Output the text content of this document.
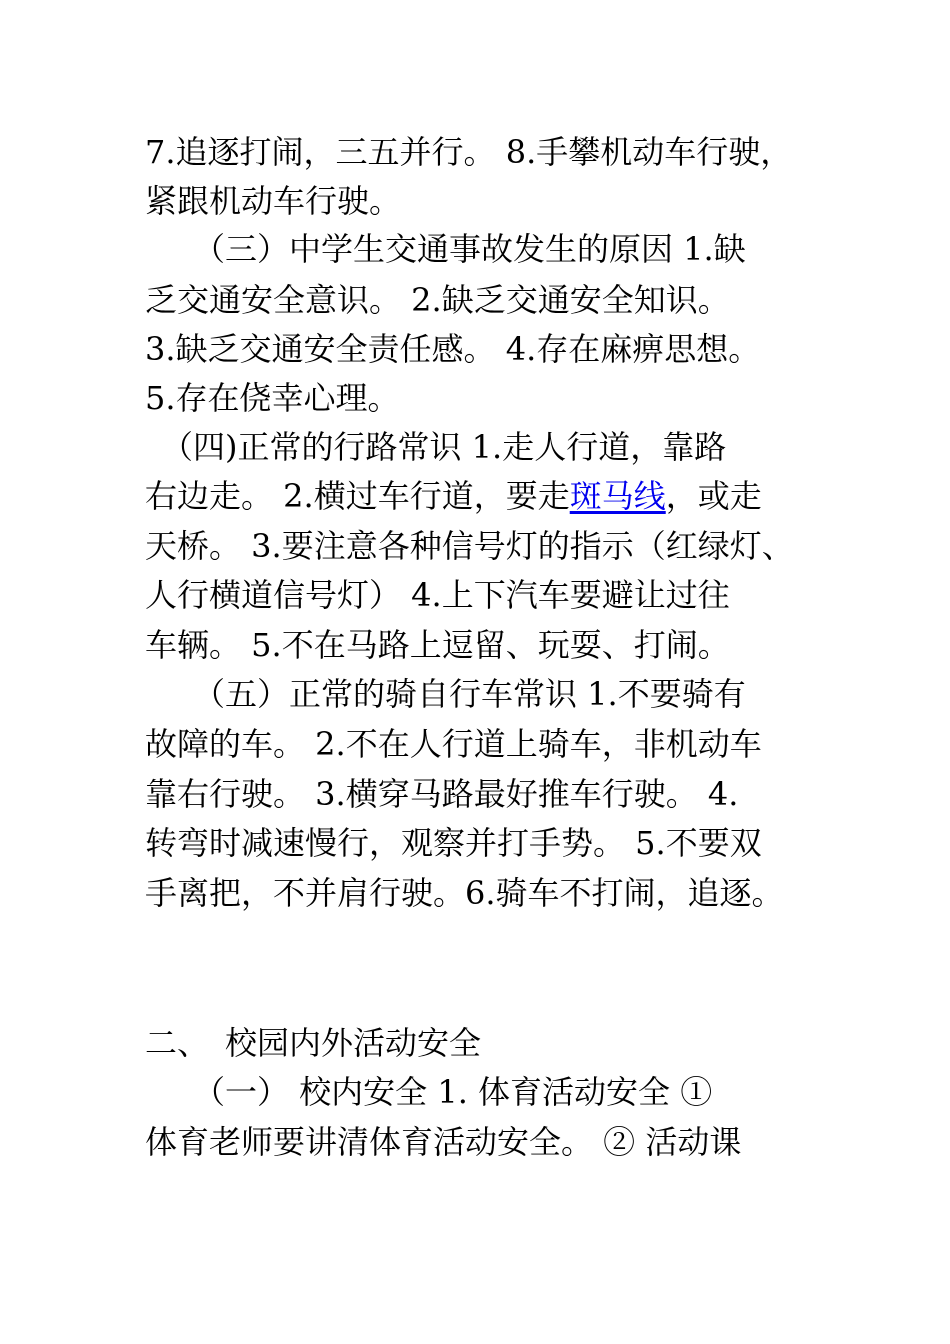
7.追逐打闹，三五并行。 8.手攀机动车行驶，
紧跟机动车行驶。
　　（三）中学生交通事故发生的原因 1.缺
乏交通安全意识。 2.缺乏交通安全知识。
3.缺乏交通安全责任感。 4.存在麻痹思想。
5.存在侥幸心理。
　（四)正常的行路常识 1.走人行道，靠路
右边走。 2.横过车行道，要走斑马线，或走
天桥。 3.要注意各种信号灯的指示（红绿灯、
人行横道信号灯） 4.上下汽车要避让过往
车辆。 5.不在马路上逗留、玩耍、打闹。
　　（五）正常的骑自行车常识 1.不要骑有
故障的车。 2.不在人行道上骑车，非机动车
靠右行驶。 3.横穿马路最好推车行驶。 4.
转弯时减速慢行，观察并打手势。 5.不要双
手离把，不并肩行驶。6.骑车不打闹，追逐。
二、　校园内外活动安全
　　（一） 校内安全 1. 体育活动安全 ①
体育老师要讲清体育活动安全。 ② 活动课
